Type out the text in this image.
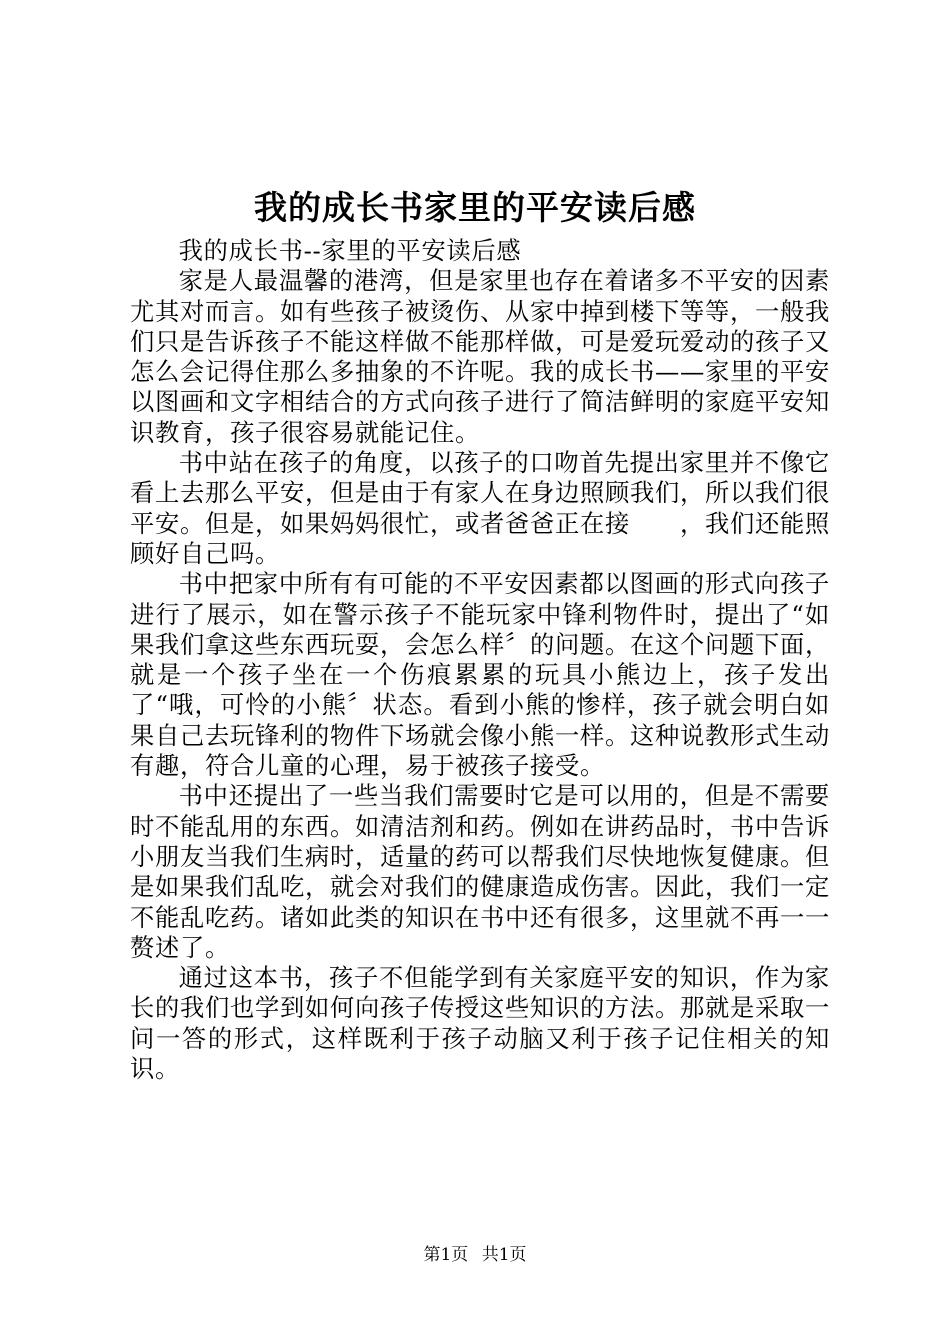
我的成长书家里的平安读后感

我的成长书--家里的平安读后感

家是人最温馨的港湾，但是家里也存在着诸多不平安的因素尤其对而言。如有些孩子被烫伤、从家中掉到楼下等等，一般我们只是告诉孩子不能这样做不能那样做，可是爱玩爱动的孩子又怎么会记得住那么多抽象的不许呢。我的成长书——家里的平安以图画和文字相结合的方式向孩子进行了简洁鲜明的家庭平安知识教育，孩子很容易就能记住。

书中站在孩子的角度，以孩子的口吻首先提出家里并不像它看上去那么平安，但是由于有家人在身边照顾我们，所以我们很平安。但是，如果妈妈很忙，或者爸爸正在接　　，我们还能照顾好自己吗。

书中把家中所有有可能的不平安因素都以图画的形式向孩子进行了展示，如在警示孩子不能玩家中锋利物件时，提出了“如果我们拿这些东西玩耍，会怎么样〞的问题。在这个问题下面，就是一个孩子坐在一个伤痕累累的玩具小熊边上，孩子发出了“哦，可怜的小熊〞状态。看到小熊的惨样，孩子就会明白如果自己去玩锋利的物件下场就会像小熊一样。这种说教形式生动有趣，符合儿童的心理，易于被孩子接受。

书中还提出了一些当我们需要时它是可以用的，但是不需要时不能乱用的东西。如清洁剂和药。例如在讲药品时，书中告诉小朋友当我们生病时，适量的药可以帮我们尽快地恢复健康。但是如果我们乱吃，就会对我们的健康造成伤害。因此，我们一定不能乱吃药。诸如此类的知识在书中还有很多，这里就不再一一赘述了。

通过这本书，孩子不但能学到有关家庭平安的知识，作为家长的我们也学到如何向孩子传授这些知识的方法。那就是采取一问一答的形式，这样既利于孩子动脑又利于孩子记住相关的知识。

第1页 共1页
